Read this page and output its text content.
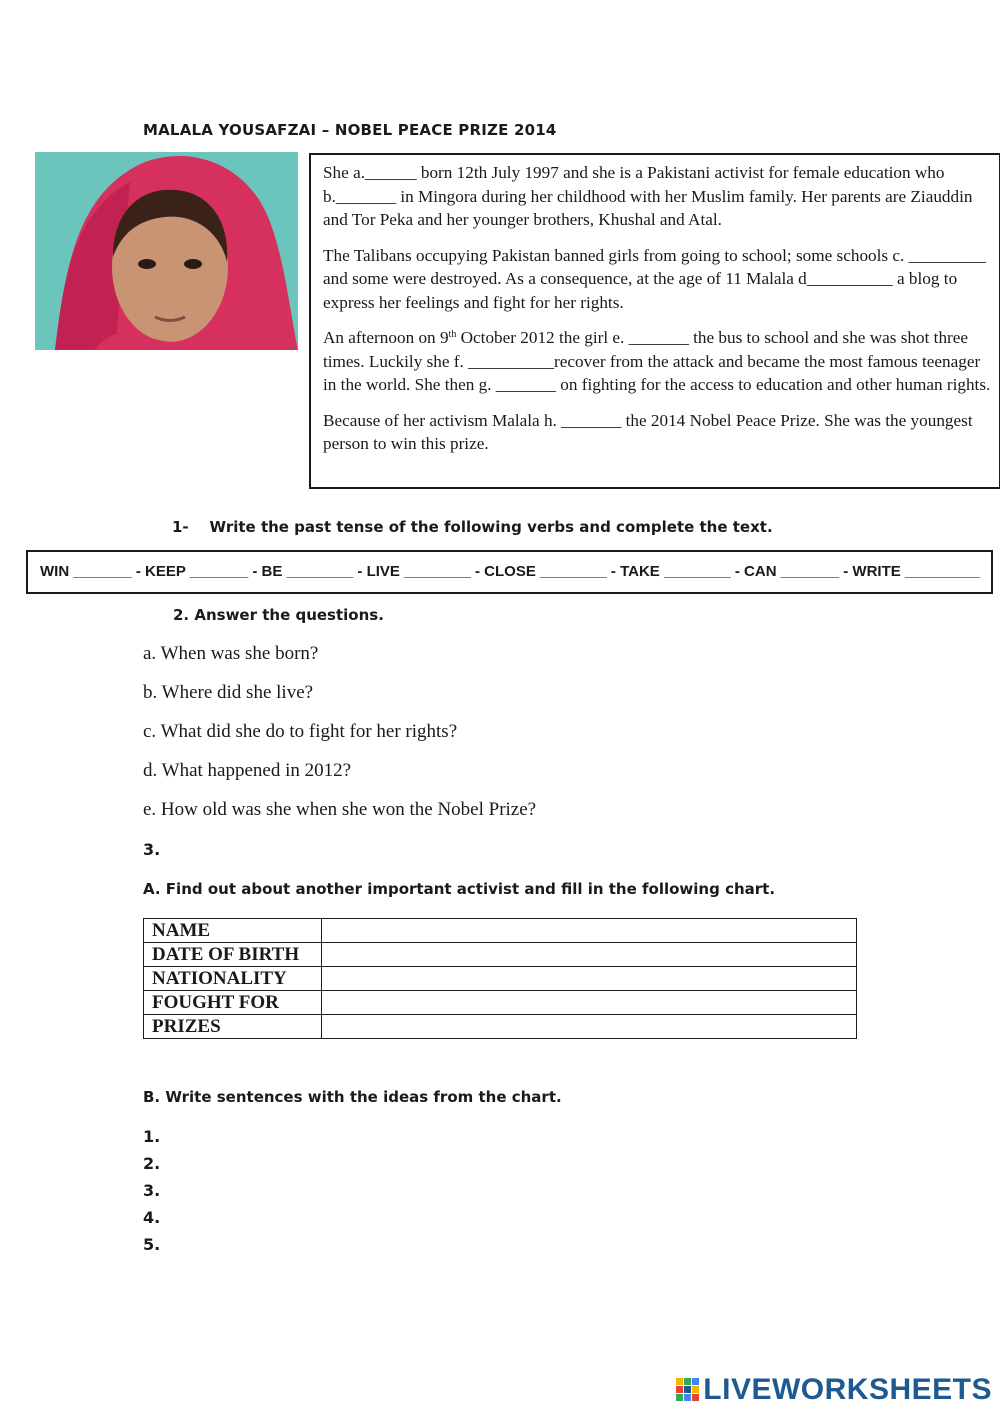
MALALA YOUSAFZAI – NOBEL PEACE PRIZE 2014

She a.______ born 12th July 1997 and she is a Pakistani activist for female education who b._______ in Mingora during her childhood with her Muslim family. Her parents are Ziauddin and Tor Peka and her younger brothers, Khushal and Atal.

The Talibans occupying Pakistan banned girls from going to school; some schools c. _________ and some were destroyed. As a consequence, at the age of 11 Malala d__________ a blog to express her feelings and fight for her rights.

An afternoon on 9th October 2012 the girl e. _______ the bus to school and she was shot three times. Luckily she f. __________recover from the attack and became the most famous teenager in the world. She then g. _______ on fighting for the access to education and other human rights.

Because of her activism Malala h. _______ the 2014 Nobel Peace Prize. She was the youngest person to win this prize.

1-    Write the past tense of the following verbs and complete the text.
WIN _______ - KEEP _______ - BE ________ - LIVE ________ - CLOSE ________ - TAKE ________ - CAN _______ - WRITE _________
2. Answer the questions.
a. When was she born?
b. Where did she live?
c. What did she do to fight for her rights?
d. What happened in 2012?
e. How old was she when she won the Nobel Prize?
3.
A. Find out about another important activist and fill in the following chart.
NAME	
DATE OF BIRTH	
NATIONALITY	
FOUGHT FOR	
PRIZES	
B. Write sentences with the ideas from the chart.
1.
2.
3.
4.
5.
LIVEWORKSHEETS
